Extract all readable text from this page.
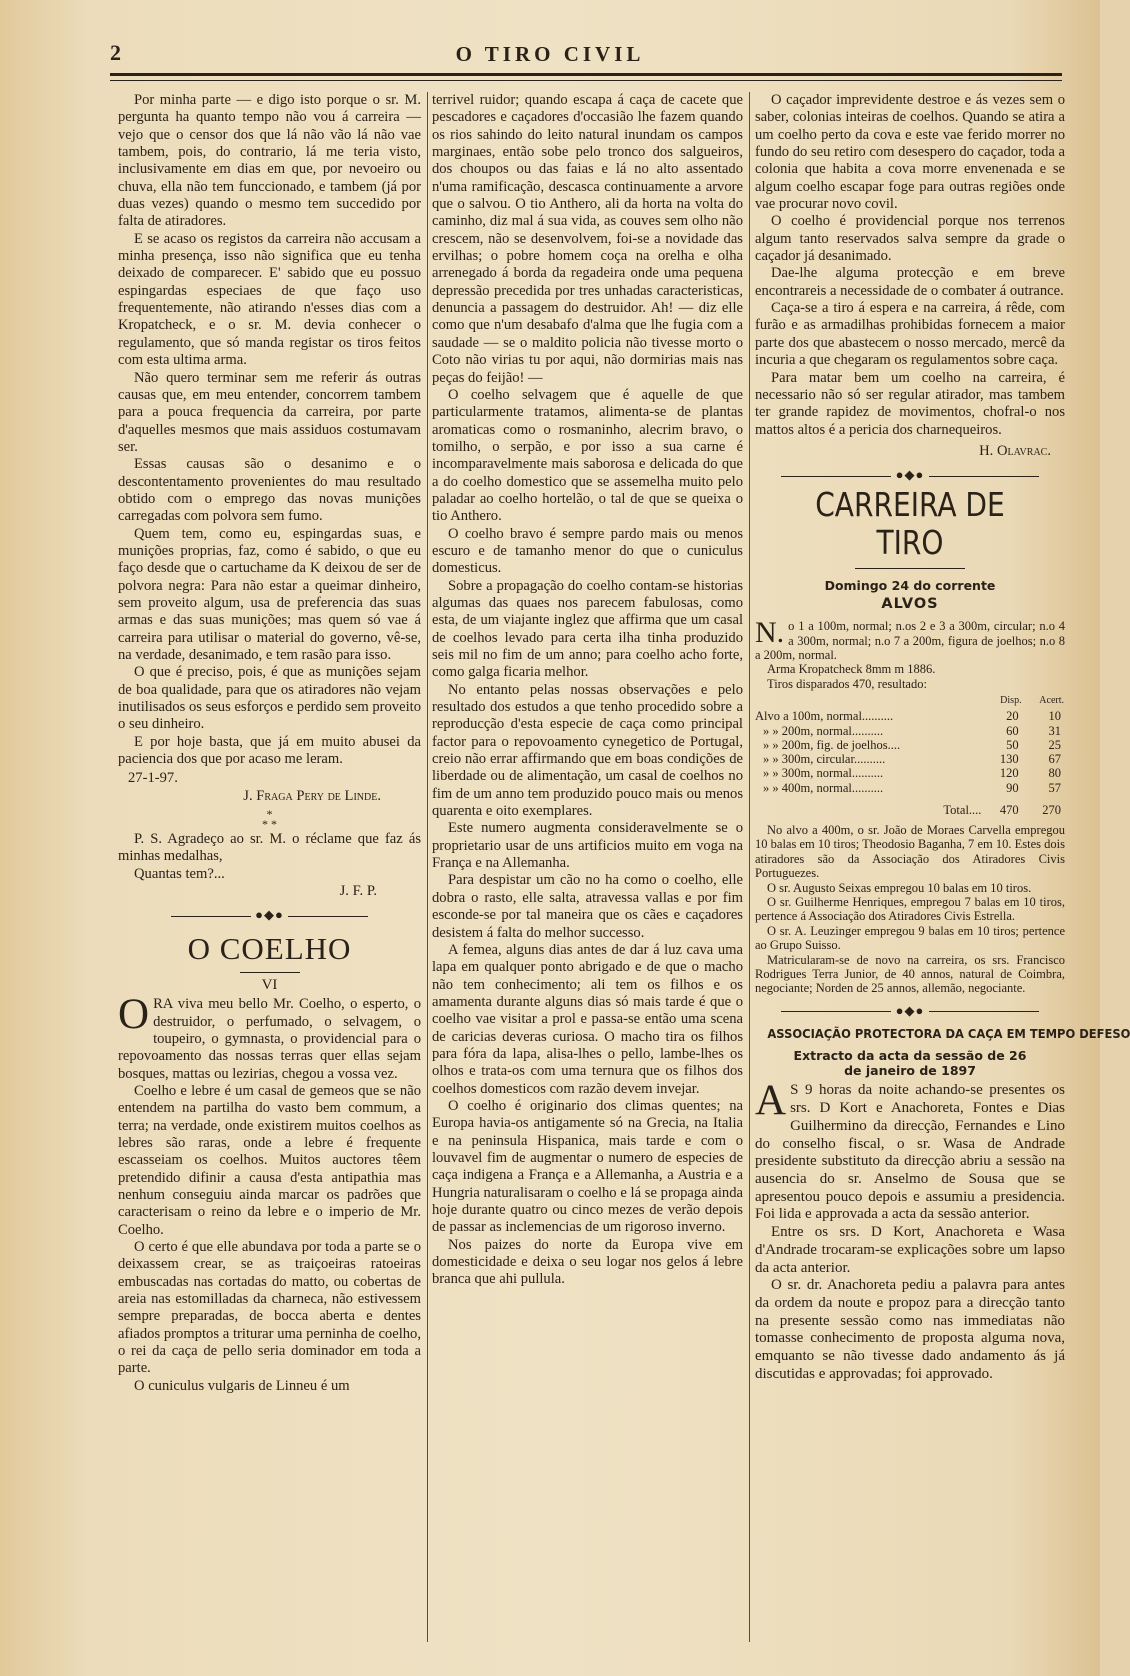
2	O TIRO CIVIL

Por minha parte — e digo isto porque o sr. M. pergunta ha quanto tempo não vou á carreira — vejo que o censor dos que lá não vão lá não vae tambem, pois, do contrario, lá me teria visto, inclusivamente em dias em que, por nevoeiro ou chuva, ella não tem funccionado, e tambem (já por duas vezes) quando o mesmo tem succedido por falta de atiradores.

E se acaso os registos da carreira não accusam a minha presença, isso não significa que eu tenha deixado de comparecer. E' sabido que eu possuo espingardas especiaes de que faço uso frequentemente, não atirando n'esses dias com a Kropatcheck, e o sr. M. devia conhecer o regulamento, que só manda registar os tiros feitos com esta ultima arma.

Não quero terminar sem me referir ás outras causas que, em meu entender, concorrem tambem para a pouca frequencia da carreira, por parte d'aquelles mesmos que mais assiduos costumavam ser.

Essas causas são o desanimo e o descontentamento provenientes do mau resultado obtido com o emprego das novas munições carregadas com polvora sem fumo.

Quem tem, como eu, espingardas suas, e munições proprias, faz, como é sabido, o que eu faço desde que o cartuchame da K deixou de ser de polvora negra: Para não estar a queimar dinheiro, sem proveito algum, usa de preferencia das suas armas e das suas munições; mas quem só vae á carreira para utilisar o material do governo, vê-se, na verdade, desanimado, e tem rasão para isso.

O que é preciso, pois, é que as munições sejam de boa qualidade, para que os atiradores não vejam inutilisados os seus esforços e perdido sem proveito o seu dinheiro.

E por hoje basta, que já em muito abusei da paciencia dos que por acaso me leram.

27-1-97.

J. Fraga Pery de Linde.

*
* *

P. S. Agradeço ao sr. M. o réclame que faz ás minhas medalhas,

Quantas tem?...

J. F. P.

●◆●

O COELHO

VI

ORA viva meu bello Mr. Coelho, o esperto, o destruidor, o perfumado, o selvagem, o toupeiro, o gymnasta, o providencial para o repovoamento das nossas terras quer ellas sejam bosques, mattas ou lezirias, chegou a vossa vez.

Coelho e lebre é um casal de gemeos que se não entendem na partilha do vasto bem commum, a terra; na verdade, onde existirem muitos coelhos as lebres são raras, onde a lebre é frequente escasseiam os coelhos. Muitos auctores têem pretendido difinir a causa d'esta antipathia mas nenhum conseguiu ainda marcar os padrões que caracterisam o reino da lebre e o imperio de Mr. Coelho.

O certo é que elle abundava por toda a parte se o deixassem crear, se as traiçoeiras ratoeiras embuscadas nas cortadas do matto, ou cobertas de areia nas estomilladas da charneca, não estivessem sempre preparadas, de bocca aberta e dentes afiados promptos a triturar uma perninha de coelho, o rei da caça de pello seria dominador em toda a parte.

O cuniculus vulgaris de Linneu é um

terrivel ruidor; quando escapa á caça de cacete que pescadores e caçadores d'occasião lhe fazem quando os rios sahindo do leito natural inundam os campos marginaes, então sobe pelo tronco dos salgueiros, dos choupos ou das faias e lá no alto assentado n'uma ramificação, descasca continuamente a arvore que o salvou. O tio Anthero, ali da horta na volta do caminho, diz mal á sua vida, as couves sem olho não crescem, não se desenvolvem, foi-se a novidade das ervilhas; o pobre homem coça na orelha e olha arrenegado á borda da regadeira onde uma pequena depressão precedida por tres unhadas caracteristicas, denuncia a passagem do destruidor. Ah! — diz elle como que n'um desabafo d'alma que lhe fugia com a saudade — se o maldito policia não tivesse morto o Coto não virias tu por aqui, não dormirias mais nas peças do feijão! —

O coelho selvagem que é aquelle de que particularmente tratamos, alimenta-se de plantas aromaticas como o rosmaninho, alecrim bravo, o tomilho, o serpão, e por isso a sua carne é incomparavelmente mais saborosa e delicada do que a do coelho domestico que se assemelha muito pelo paladar ao coelho hortelão, o tal de que se queixa o tio Anthero.

O coelho bravo é sempre pardo mais ou menos escuro e de tamanho menor do que o cuniculus domesticus.

Sobre a propagação do coelho contam-se historias algumas das quaes nos parecem fabulosas, como esta, de um viajante inglez que affirma que um casal de coelhos levado para certa ilha tinha produzido seis mil no fim de um anno; para coelho acho forte, como galga ficaria melhor.

No entanto pelas nossas observações e pelo resultado dos estudos a que tenho procedido sobre a reproducção d'esta especie de caça como principal factor para o repovoamento cynegetico de Portugal, creio não errar affirmando que em boas condições de liberdade ou de alimentação, um casal de coelhos no fim de um anno tem produzido pouco mais ou menos quarenta e oito exemplares.

Este numero augmenta consideravelmente se o proprietario usar de uns artificios muito em voga na França e na Allemanha.

Para despistar um cão no ha como o coelho, elle dobra o rasto, elle salta, atravessa vallas e por fim esconde-se por tal maneira que os cães e caçadores desistem á falta do melhor successo.

A femea, alguns dias antes de dar á luz cava uma lapa em qualquer ponto abrigado e de que o macho não tem conhecimento; ali tem os filhos e os amamenta durante alguns dias só mais tarde é que o coelho vae visitar a prol e passa-se então uma scena de caricias deveras curiosa. O macho tira os filhos para fóra da lapa, alisa-lhes o pello, lambe-lhes os olhos e trata-os com uma ternura que os filhos dos coelhos domesticos com razão devem invejar.

O coelho é originario dos climas quentes; na Europa havia-os antigamente só na Grecia, na Italia e na peninsula Hispanica, mais tarde e com o louvavel fim de augmentar o numero de especies de caça indigena a França e a Allemanha, a Austria e a Hungria naturalisaram o coelho e lá se propaga ainda hoje durante quatro ou cinco mezes de verão depois de passar as inclemencias de um rigoroso inverno.

Nos paizes do norte da Europa vive em domesticidade e deixa o seu logar nos gelos á lebre branca que ahi pullula.

O caçador imprevidente destroe e ás vezes sem o saber, colonias inteiras de coelhos. Quando se atira a um coelho perto da cova e este vae ferido morrer no fundo do seu retiro com desespero do caçador, toda a colonia que habita a cova morre envenenada e se algum coelho escapar foge para outras regiões onde vae procurar novo covil.

O coelho é providencial porque nos terrenos algum tanto reservados salva sempre da grade o caçador já desanimado.

Dae-lhe alguma protecção e em breve encontrareis a necessidade de o combater á outrance.

Caça-se a tiro á espera e na carreira, á rêde, com furão e as armadilhas prohibidas fornecem a maior parte dos que abastecem o nosso mercado, mercê da incuria a que chegaram os regulamentos sobre caça.

Para matar bem um coelho na carreira, é necessario não só ser regular atirador, mas tambem ter grande rapidez de movimentos, chofral-o nos mattos altos é a pericia dos charnequeiros.

H. Olavrac.

●◆●

CARREIRA DE TIRO

Domingo 24 do corrente

ALVOS

N. o 1 a 100m, normal; n.os 2 e 3 a 300m, circular; n.o 4 a 300m, normal; n.o 7 a 200m, figura de joelhos; n.o 8 a 200m, normal.

Arma Kropatcheck 8mm m 1886.

Tiros disparados 470, resultado:

	Disp.	Acert.
Alvo a 100m, normal..........	20	10
» » 200m, normal..........	60	31
» » 200m, fig. de joelhos....	50	25
» » 300m, circular..........	130	67
» » 300m, normal..........	120	80
» » 400m, normal..........	90	57
Total....	470	270

No alvo a 400m, o sr. João de Moraes Carvella empregou 10 balas em 10 tiros; Theodosio Baganha, 7 em 10. Estes dois atiradores são da Associação dos Atiradores Civis Portuguezes.

O sr. Augusto Seixas empregou 10 balas em 10 tiros.

O sr. Guilherme Henriques, empregou 7 balas em 10 tiros, pertence á Associação dos Atiradores Civis Estrella.

O sr. A. Leuzinger empregou 9 balas em 10 tiros; pertence ao Grupo Suisso.

Matricularam-se de novo na carreira, os srs. Francisco Rodrigues Terra Junior, de 40 annos, natural de Coimbra, negociante; Norden de 25 annos, allemão, negociante.

●◆●

ASSOCIAÇÃO PROTECTORA DA CAÇA EM TEMPO DEFESO

Extracto da acta da sessão de 26
de janeiro de 1897

A S 9 horas da noite achando-se presentes os srs. D Kort e Anachoreta, Fontes e Dias Guilhermino da direcção, Fernandes e Lino do conselho fiscal, o sr. Wasa de Andrade presidente substituto da direcção abriu a sessão na ausencia do sr. Anselmo de Sousa que se apresentou pouco depois e assumiu a presidencia. Foi lida e approvada a acta da sessão anterior.

Entre os srs. D Kort, Anachoreta e Wasa d'Andrade trocaram-se explicações sobre um lapso da acta anterior.

O sr. dr. Anachoreta pediu a palavra para antes da ordem da noute e propoz para a direcção tanto na presente sessão como nas immediatas não tomasse conhecimento de proposta alguma nova, emquanto se não tivesse dado andamento ás já discutidas e approvadas; foi approvado.
